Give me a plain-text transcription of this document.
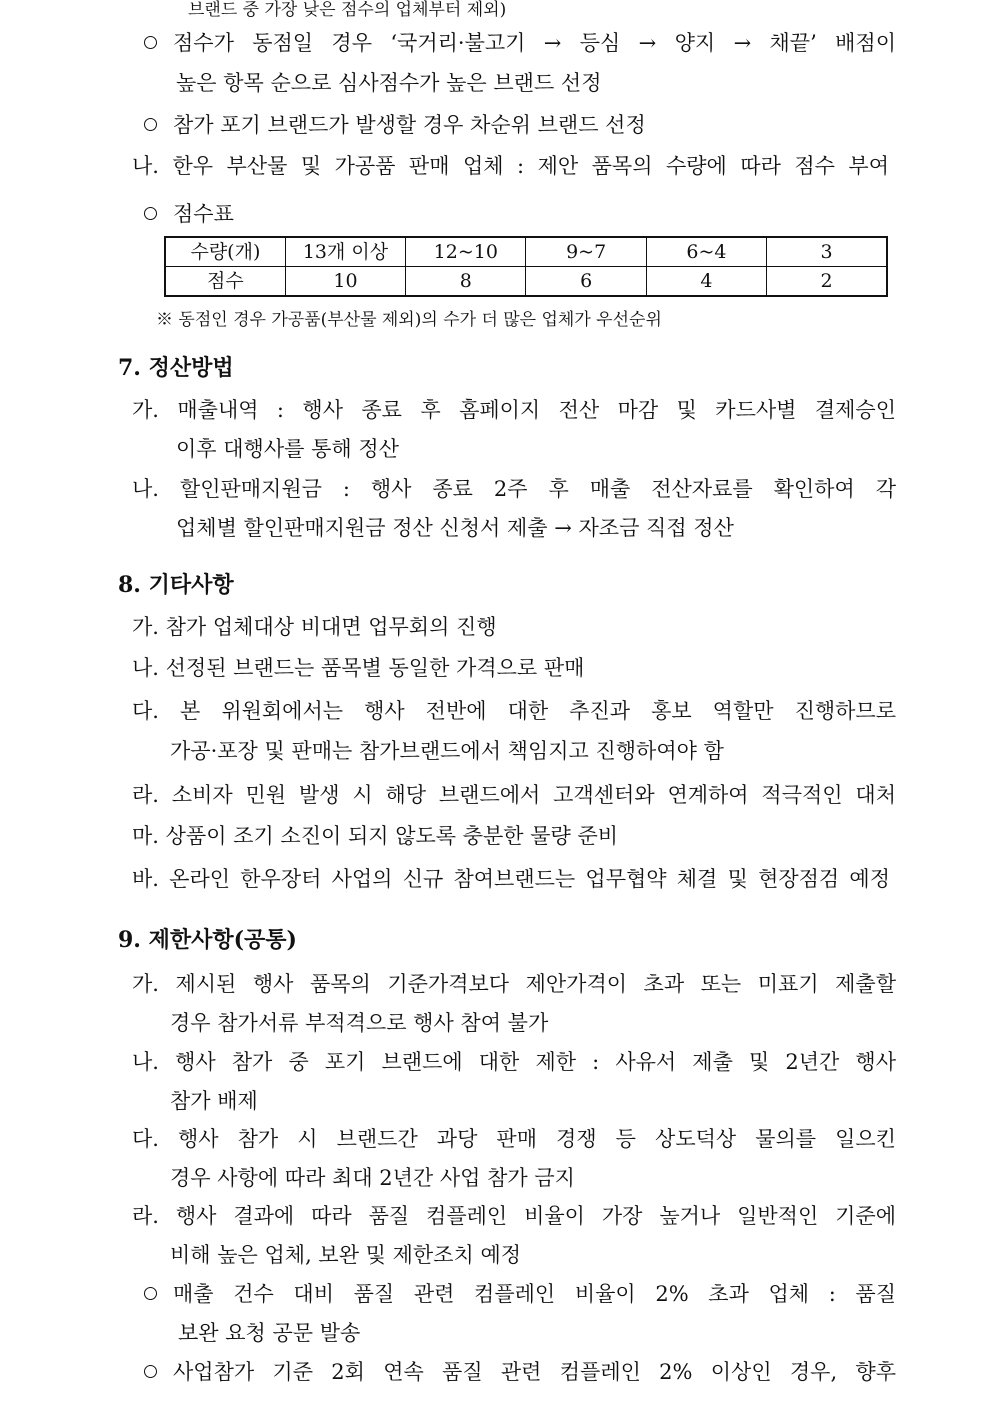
브랜드 중 가장 낮은 점수의 업체부터 제외)
점수가 동점일 경우 ‘국거리·불고기 → 등심 → 양지 → 채끝’ 배점이
높은 항목 순으로 심사점수가 높은 브랜드 선정
참가 포기 브랜드가 발생할 경우 차순위 브랜드 선정
나. 한우 부산물 및 가공품 판매 업체 : 제안 품목의 수량에 따라 점수 부여
점수표
수량(개)	13개 이상	12~10	9~7	6~4	3
점수	10	8	6	4	2
※ 동점인 경우 가공품(부산물 제외)의 수가 더 많은 업체가 우선순위
7. 정산방법
가. 매출내역 : 행사 종료 후 홈페이지 전산 마감 및 카드사별 결제승인
이후 대행사를 통해 정산
나. 할인판매지원금 : 행사 종료 2주 후 매출 전산자료를 확인하여 각
업체별 할인판매지원금 정산 신청서 제출 → 자조금 직접 정산
8. 기타사항
가. 참가 업체대상 비대면 업무회의 진행
나. 선정된 브랜드는 품목별 동일한 가격으로 판매
다. 본 위원회에서는 행사 전반에 대한 추진과 홍보 역할만 진행하므로
가공·포장 및 판매는 참가브랜드에서 책임지고 진행하여야 함
라. 소비자 민원 발생 시 해당 브랜드에서 고객센터와 연계하여 적극적인 대처
마. 상품이 조기 소진이 되지 않도록 충분한 물량 준비
바. 온라인 한우장터 사업의 신규 참여브랜드는 업무협약 체결 및 현장점검 예정
9. 제한사항(공통)
가. 제시된 행사 품목의 기준가격보다 제안가격이 초과 또는 미표기 제출할
경우 참가서류 부적격으로 행사 참여 불가
나. 행사 참가 중 포기 브랜드에 대한 제한 : 사유서 제출 및 2년간 행사
참가 배제
다. 행사 참가 시 브랜드간 과당 판매 경쟁 등 상도덕상 물의를 일으킨
경우 사항에 따라 최대 2년간 사업 참가 금지
라. 행사 결과에 따라 품질 컴플레인 비율이 가장 높거나 일반적인 기준에
비해 높은 업체, 보완 및 제한조치 예정
매출 건수 대비 품질 관련 컴플레인 비율이 2% 초과 업체 : 품질
보완 요청 공문 발송
사업참가 기준 2회 연속 품질 관련 컴플레인 2% 이상인 경우, 향후
